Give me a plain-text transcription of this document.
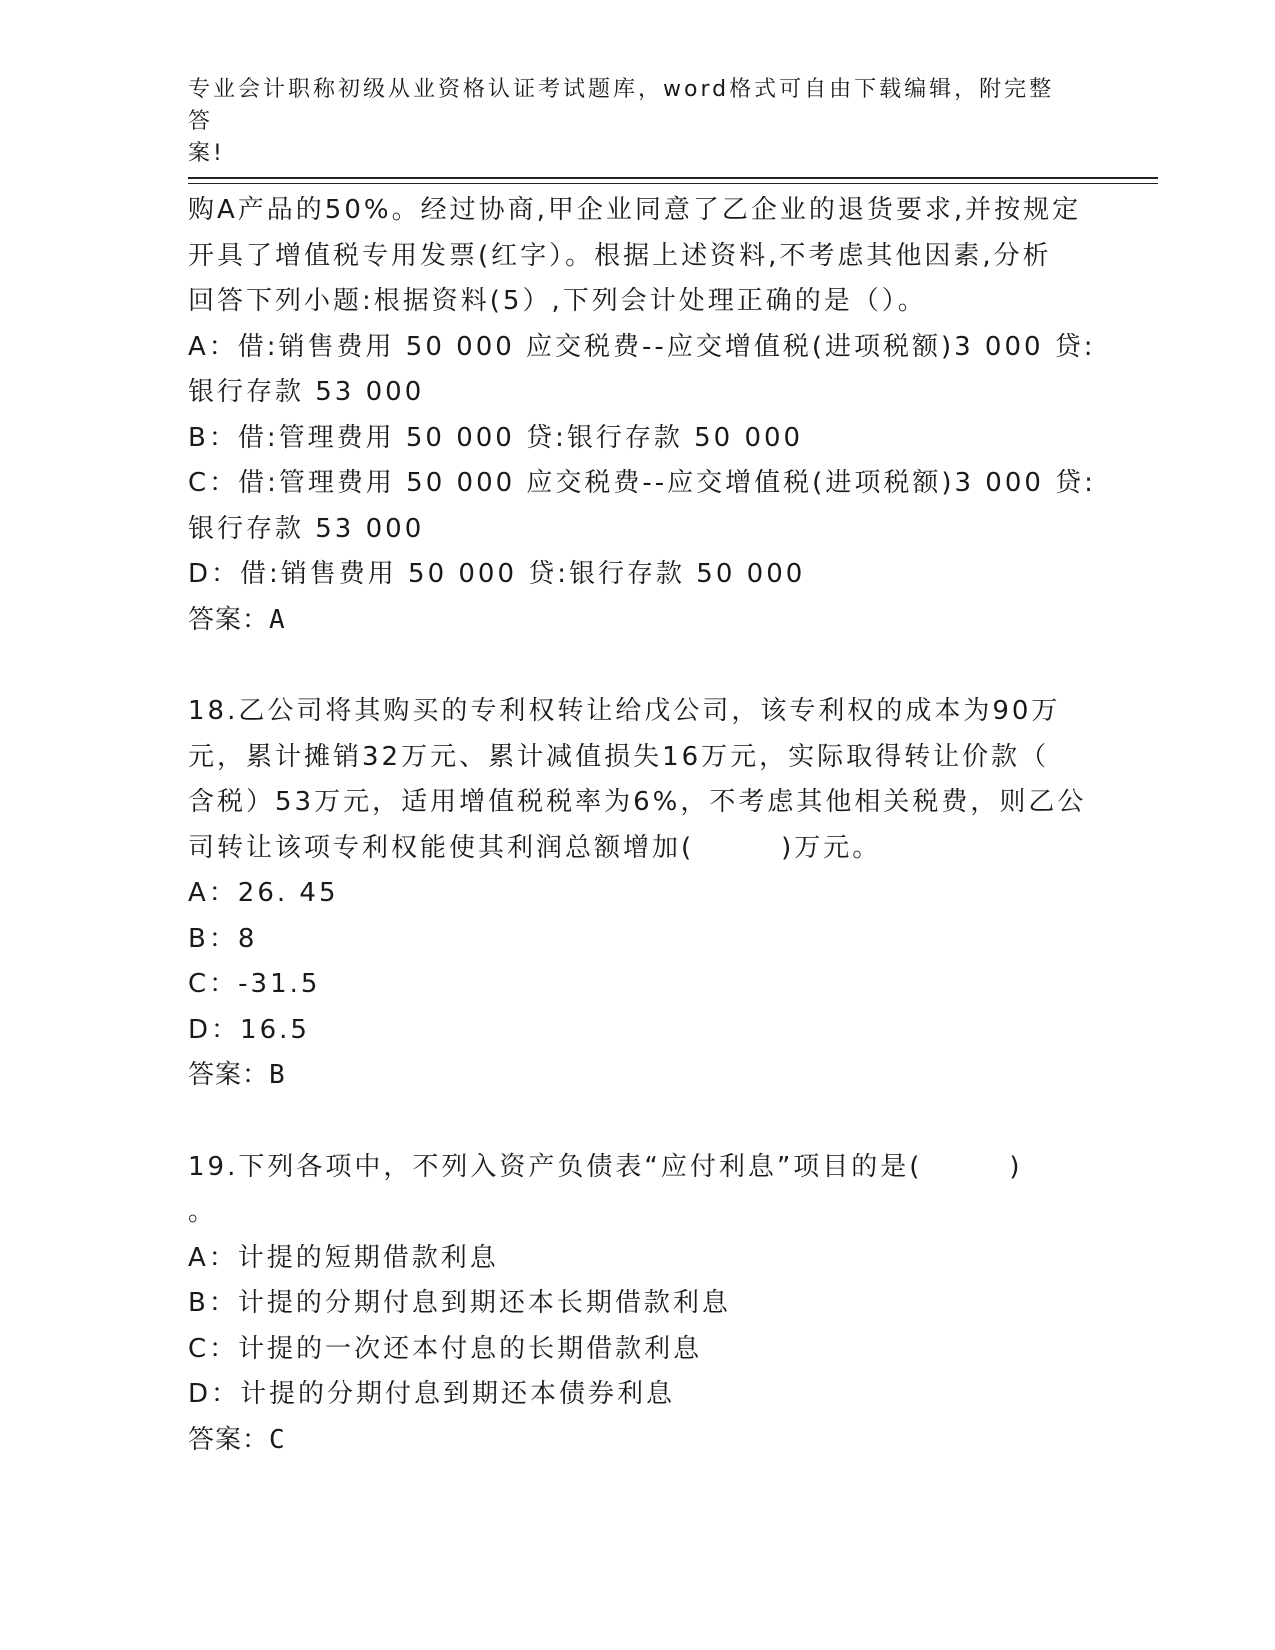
专业会计职称初级从业资格认证考试题库，word格式可自由下载编辑，附完整答
案!
购A产品的50%。经过协商,甲企业同意了乙企业的退货要求,并按规定
开具了增值税专用发票(红字）。根据上述资料,不考虑其他因素,分析
回答下列小题:根据资料(5）,下列会计处理正确的是（）。
A：借:销售费用 50 000 应交税费--应交增值税(进项税额)3 000 贷:
银行存款 53 000
B：借:管理费用 50 000 贷:银行存款 50 000
C：借:管理费用 50 000 应交税费--应交增值税(进项税额)3 000 贷:
银行存款 53 000
D：借:销售费用 50 000 贷:银行存款 50 000
答案：A
18.乙公司将其购买的专利权转让给戊公司，该专利权的成本为90万
元，累计摊销32万元、累计减值损失16万元，实际取得转让价款（
含税）53万元，适用增值税税率为6%，不考虑其他相关税费，则乙公
司转让该项专利权能使其利润总额增加(　　　)万元。
A：26. 45
B：8
C：-31.5
D：16.5
答案：B
19.下列各项中，不列入资产负债表“应付利息”项目的是(　　　)
。
A：计提的短期借款利息
B：计提的分期付息到期还本长期借款利息
C：计提的一次还本付息的长期借款利息
D：计提的分期付息到期还本债券利息
答案：C
